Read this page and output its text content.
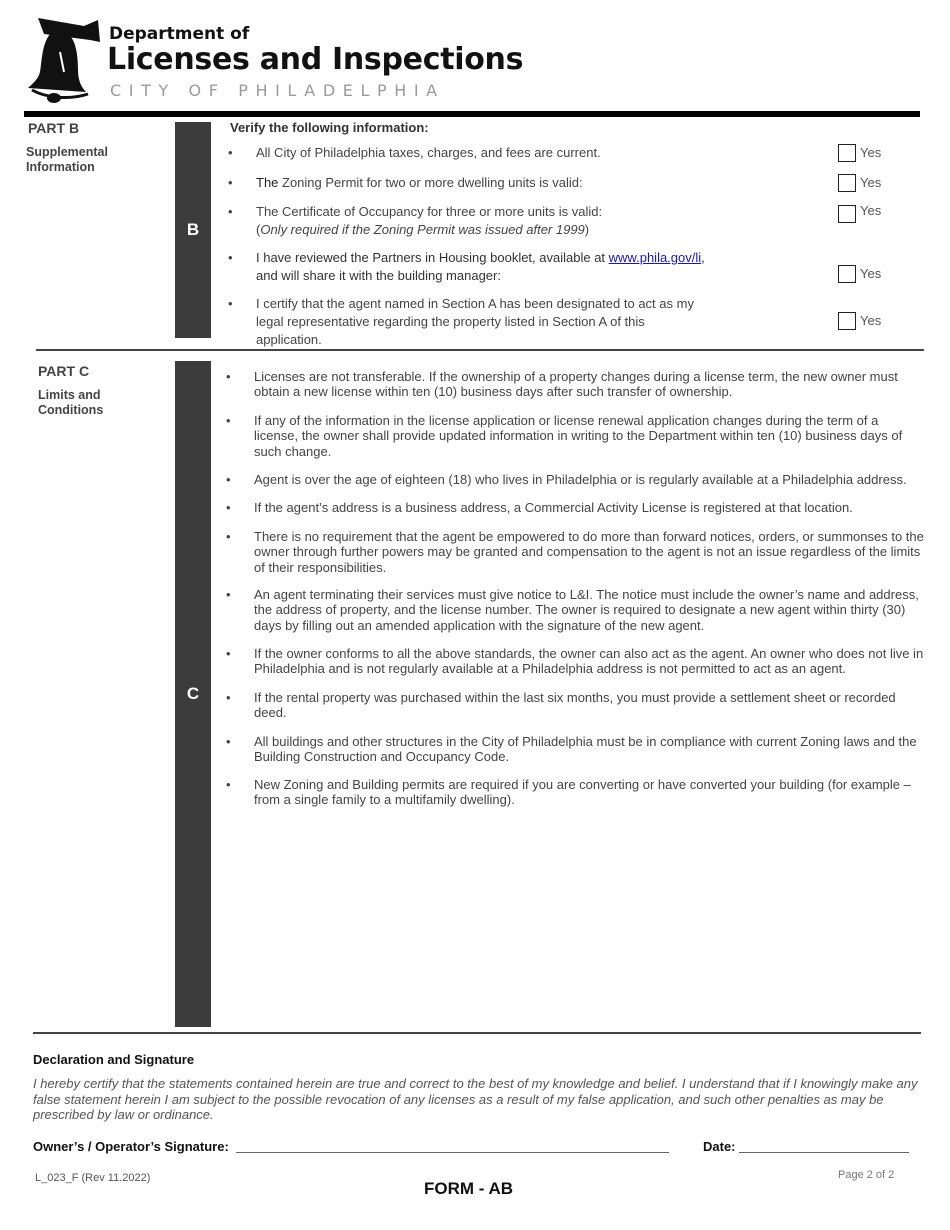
Department of
Licenses and Inspections
CITY OF PHILADELPHIA
PART B
Supplemental
Information
B
Verify the following information:
• All City of Philadelphia taxes, charges, and fees are current.	Yes
• The Zoning Permit for two or more dwelling units is valid:	Yes
• The Certificate of Occupancy for three or more units is valid:
(Only required if the Zoning Permit was issued after 1999)
Yes
• I have reviewed the Partners in Housing booklet, available at www.phila.gov/li,
and will share it with the building manager:	Yes
• I certify that the agent named in Section A has been designated to act as my
legal representative regarding the property listed in Section A of this
application.
Yes
PART C
Limits and
Conditions
C
• Licenses are not transferable. If the ownership of a property changes during a license term, the new owner must obtain a new license within ten (10) business days after such transfer of ownership.
• If any of the information in the license application or license renewal application changes during the term of a license, the owner shall provide updated information in writing to the Department within ten (10) business days of such change.
• Agent is over the age of eighteen (18) who lives in Philadelphia or is regularly available at a Philadelphia address.
• If the agent’s address is a business address, a Commercial Activity License is registered at that location.
• There is no requirement that the agent be empowered to do more than forward notices, orders, or summonses to the owner through further powers may be granted and compensation to the agent is not an issue regardless of the limits of their responsibilities.
• An agent terminating their services must give notice to L&I. The notice must include the owner’s name and address, the address of property, and the license number. The owner is required to designate a new agent within thirty (30) days by filling out an amended application with the signature of the new agent.
• If the owner conforms to all the above standards, the owner can also act as the agent. An owner who does not live in Philadelphia and is not regularly available at a Philadelphia address is not permitted to act as an agent.
• If the rental property was purchased within the last six months, you must provide a settlement sheet or recorded deed.
• All buildings and other structures in the City of Philadelphia must be in compliance with current Zoning laws and the Building Construction and Occupancy Code.
• New Zoning and Building permits are required if you are converting or have converted your building (for example – from a single family to a multifamily dwelling).
Declaration and Signature
I hereby certify that the statements contained herein are true and correct to the best of my knowledge and belief. I understand that if I knowingly make any false statement herein I am subject to the possible revocation of any licenses as a result of my false application, and such other penalties as may be prescribed by law or ordinance.
Owner’s / Operator’s Signature:	Date:
L_023_F (Rev 11.2022)
FORM - AB
Page 2 of 2
